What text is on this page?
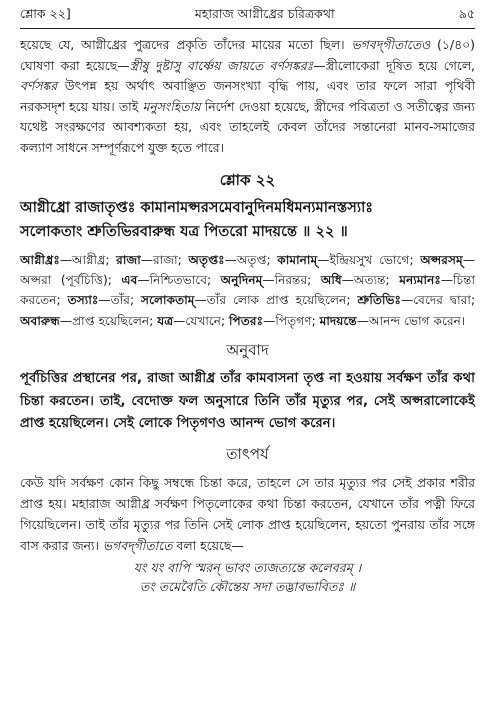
শ্লোক ২২]	মহারাজ আগ্নীধ্রের চরিত্রকথা	৯৫

হয়েছে যে, আগ্নীধ্রের পুত্রদের প্রকৃতি তাঁদের মায়ের মতো ছিল। ভগবদ্‌গীতাতেও (১/৪০) ঘোষণা করা হয়েছে—স্ত্রীষু দুষ্টাসু বার্ষ্ণেয় জায়তে বর্ণসঙ্করঃ—স্ত্রীলোকেরা দূষিত হয়ে গেলে, বর্ণসঙ্কর উৎপন্ন হয় অর্থাৎ অবাঞ্ছিত জনসংখ্যা বৃদ্ধি পায়, এবং তার ফলে সারা পৃথিবী নরকসদৃশ হয়ে যায়। তাই মনুসংহিতায় নির্দেশ দেওয়া হয়েছে, স্ত্রীদের পবিত্রতা ও সতীত্বের জন্য যথেষ্ট সংরক্ষণের আবশ্যকতা হয়, এবং তাহলেই কেবল তাঁদের সন্তানেরা মানব-সমাজের কল্যাণ সাধনে সম্পূর্ণরূপে যুক্ত হতে পারে।

শ্লোক ২২
আগ্নীধ্রো রাজাতৃপ্তঃ কামানামপ্সরসমেবানুদিনমধিমন্যমানস্তস্যাঃ
সলোকতাং শ্রুতিভিরবারুন্ধ যত্র পিতরো মাদয়ন্তে ॥ ২২ ॥

আগ্নীধ্রঃ—আগ্নীধ্র; রাজা—রাজা; অতৃপ্তঃ—অতৃপ্ত; কামানাম্‌—ইন্দ্রিয়সুখ ভোগে; অপ্সরসম্‌—অপ্সরা (পূর্বচিত্তি); এব—নিশ্চিতভাবে; অনুদিনম্‌—নিরন্তর; অধি—অত্যন্ত; মন্যমানঃ—চিন্তা করতেন; তস্যাঃ—তাঁর; সলোকতাম্‌—তাঁর লোক প্রাপ্ত হয়েছিলেন; শ্রুতিভিঃ—বেদের দ্বারা; অবারুন্ধ—প্রাপ্ত হয়েছিলেন; যত্র—যেখানে; পিতরঃ—পিতৃগণ; মাদয়ন্তে—আনন্দ ভোগ করেন।

অনুবাদ

পূর্বচিত্তির প্রস্থানের পর, রাজা আগ্নীধ্র তাঁর কামবাসনা তৃপ্ত না হওয়ায় সর্বক্ষণ তাঁর কথা চিন্তা করতেন। তাই, বেদোক্ত ফল অনুসারে তিনি তাঁর মৃত্যুর পর, সেই অপ্সরালোকেই প্রাপ্ত হয়েছিলেন। সেই লোকে পিতৃগণও আনন্দ ভোগ করেন।

তাৎপর্য

কেউ যদি সর্বক্ষণ কোন কিছু সম্বন্ধে চিন্তা করে, তাহলে সে তার মৃত্যুর পর সেই প্রকার শরীর প্রাপ্ত হয়। মহারাজ আগ্নীধ্র সর্বক্ষণ পিতৃলোকের কথা চিন্তা করতেন, যেখানে তাঁর পত্নী ফিরে গিয়েছিলেন। তাই তাঁর মৃত্যুর পর তিনি সেই লোক প্রাপ্ত হয়েছিলেন, হয়তো পুনরায় তাঁর সঙ্গে বাস করার জন্য। ভগবদ্‌গীতাতে বলা হয়েছে—

যং যং বাপি স্মরন্‌ ভাবং ত্যজত্যন্তে কলেবরম্‌ ।
তং তমেবৈতি কৌন্তেয় সদা তদ্ভাবভাবিতঃ ॥
